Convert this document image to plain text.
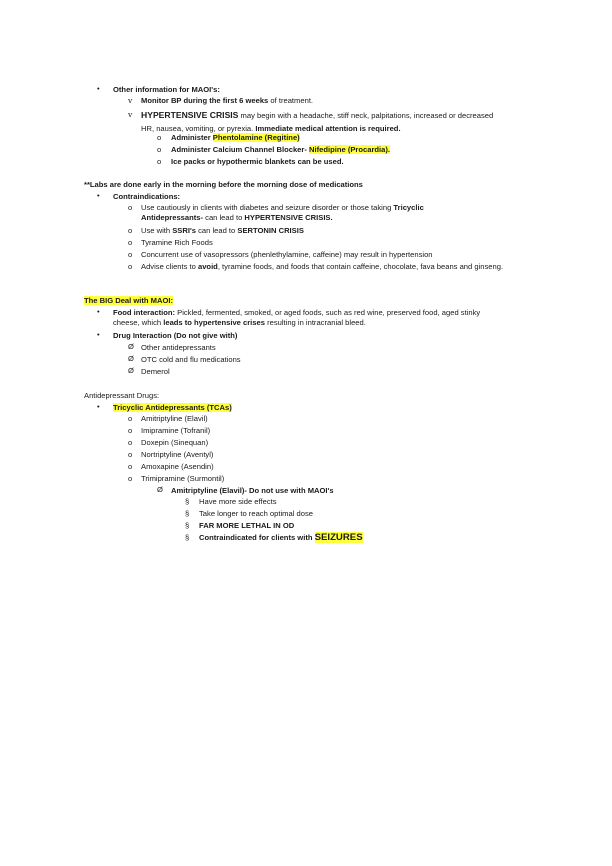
• Other information for MAOI's:
v Monitor BP during the first 6 weeks of treatment.
v HYPERTENSIVE CRISIS may begin with a headache, stiff neck, palpitations, increased or decreased HR, nausea, vomiting, or pyrexia. Immediate medical attention is required.
o Administer Phentolamine (Regitine)
o Administer Calcium Channel Blocker- Nifedipine (Procardia).
o Ice packs or hypothermic blankets can be used.
**Labs are done early in the morning before the morning dose of medications
• Contraindications:
o Use cautiously in clients with diabetes and seizure disorder or those taking Tricyclic Antidepressants- can lead to HYPERTENSIVE CRISIS.
o Use with SSRI's can lead to SERTONIN CRISIS
o Tyramine Rich Foods
o Concurrent use of vasopressors (phenlethylamine, caffeine) may result in hypertension
o Advise clients to avoid, tyramine foods, and foods that contain caffeine, chocolate, fava beans and ginseng.
The BIG Deal with MAOI:
• Food interaction: Pickled, fermented, smoked, or aged foods, such as red wine, preserved food, aged stinky cheese, which leads to hypertensive crises resulting in intracranial bleed.
• Drug Interaction (Do not give with)
Ø Other antidepressants
Ø OTC cold and flu medications
Ø Demerol
Antidepressant Drugs:
• Tricyclic Antidepressants (TCAs)
o Amitriptyline (Elavil)
o Imipramine (Tofranil)
o Doxepin (Sinequan)
o Nortriptyline (Aventyl)
o Amoxapine (Asendin)
o Trimipramine (Surmontil)
Ø Amitriptyline (Elavil)- Do not use with MAOI's
§ Have more side effects
§ Take longer to reach optimal dose
§ FAR MORE LETHAL IN OD
§ Contraindicated for clients with SEIZURES
